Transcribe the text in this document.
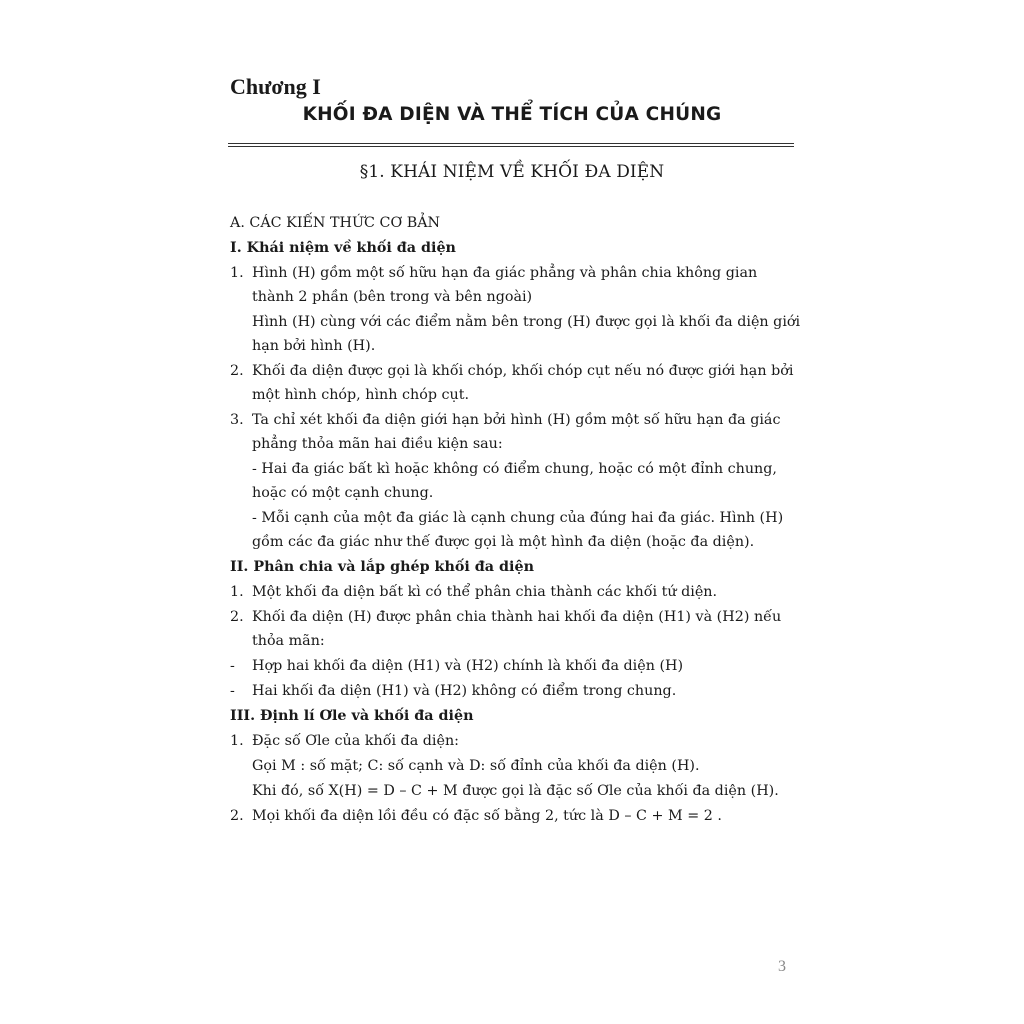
Chương I
KHỐI ĐA DIỆN VÀ THỂ TÍCH CỦA CHÚNG
§1. KHÁI NIỆM VỀ KHỐI ĐA DIỆN
A. CÁC KIẾN THỨC CƠ BẢN
I. Khái niệm về khối đa diện
1. Hình (H) gồm một số hữu hạn đa giác phẳng và phân chia không gian
thành 2 phần (bên trong và bên ngoài)
Hình (H) cùng với các điểm nằm bên trong (H) được gọi là khối đa diện giới
hạn bởi hình (H).
2. Khối đa diện được gọi là khối chóp, khối chóp cụt nếu nó được giới hạn bởi
một hình chóp, hình chóp cụt.
3. Ta chỉ xét khối đa diện giới hạn bởi hình (H) gồm một số hữu hạn đa giác
phẳng thỏa mãn hai điều kiện sau:
- Hai đa giác bất kì hoặc không có điểm chung, hoặc có một đỉnh chung,
hoặc có một cạnh chung.
- Mỗi cạnh của một đa giác là cạnh chung của đúng hai đa giác. Hình (H)
gồm các đa giác như thế được gọi là một hình đa diện (hoặc đa diện).
II. Phân chia và lắp ghép khối đa diện
1. Một khối đa diện bất kì có thể phân chia thành các khối tứ diện.
2. Khối đa diện (H) được phân chia thành hai khối đa diện (H1) và (H2) nếu
thỏa mãn:
- Hợp hai khối đa diện (H1) và (H2) chính là khối đa diện (H)
- Hai khối đa diện (H1) và (H2) không có điểm trong chung.
III. Định lí Ơle và khối đa diện
1. Đặc số Ơle của khối đa diện:
Gọi M : số mặt; C: số cạnh và D: số đỉnh của khối đa diện (H).
Khi đó, số X(H) = D – C + M được gọi là đặc số Ơle của khối đa diện (H).
2. Mọi khối đa diện lồi đều có đặc số bằng 2, tức là D – C + M = 2 .
3
